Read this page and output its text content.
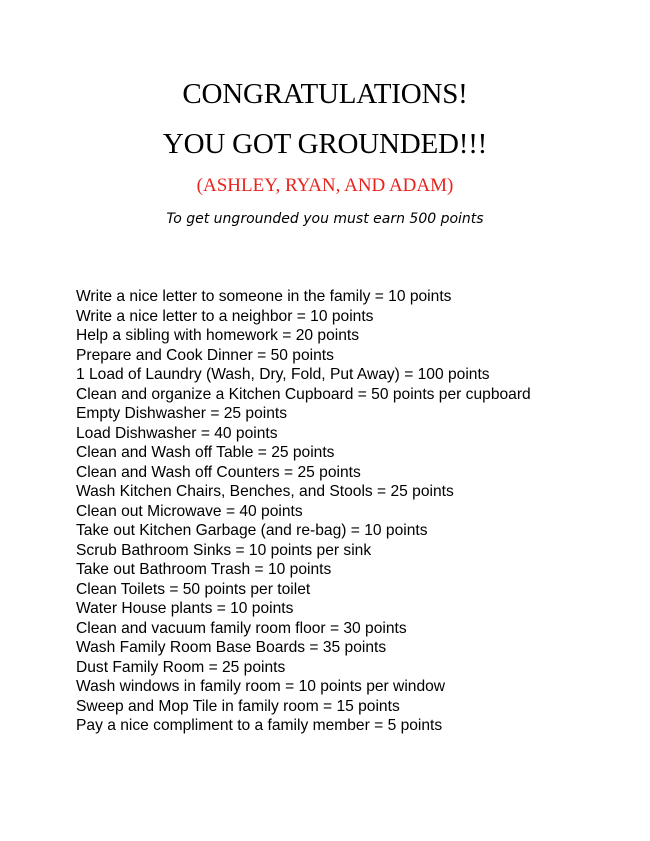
CONGRATULATIONS!
YOU GOT GROUNDED!!!
(ASHLEY, RYAN, AND ADAM)
To get ungrounded you must earn 500 points
Write a nice letter to someone in the family = 10 points
Write a nice letter to a neighbor = 10 points
Help a sibling with homework = 20 points
Prepare and Cook Dinner = 50 points
1 Load of Laundry (Wash, Dry, Fold, Put Away) = 100 points
Clean and organize a Kitchen Cupboard = 50 points per cupboard
Empty Dishwasher = 25 points
Load Dishwasher = 40 points
Clean and Wash off Table = 25 points
Clean and Wash off Counters = 25 points
Wash Kitchen Chairs, Benches, and Stools = 25 points
Clean out Microwave = 40 points
Take out Kitchen Garbage (and re-bag) = 10 points
Scrub Bathroom Sinks = 10 points per sink
Take out Bathroom Trash = 10 points
Clean Toilets = 50 points per toilet
Water House plants = 10 points
Clean and vacuum family room floor = 30 points
Wash Family Room Base Boards = 35 points
Dust Family Room = 25 points
Wash windows in family room = 10 points per window
Sweep and Mop Tile in family room = 15 points
Pay a nice compliment to a family member = 5 points
